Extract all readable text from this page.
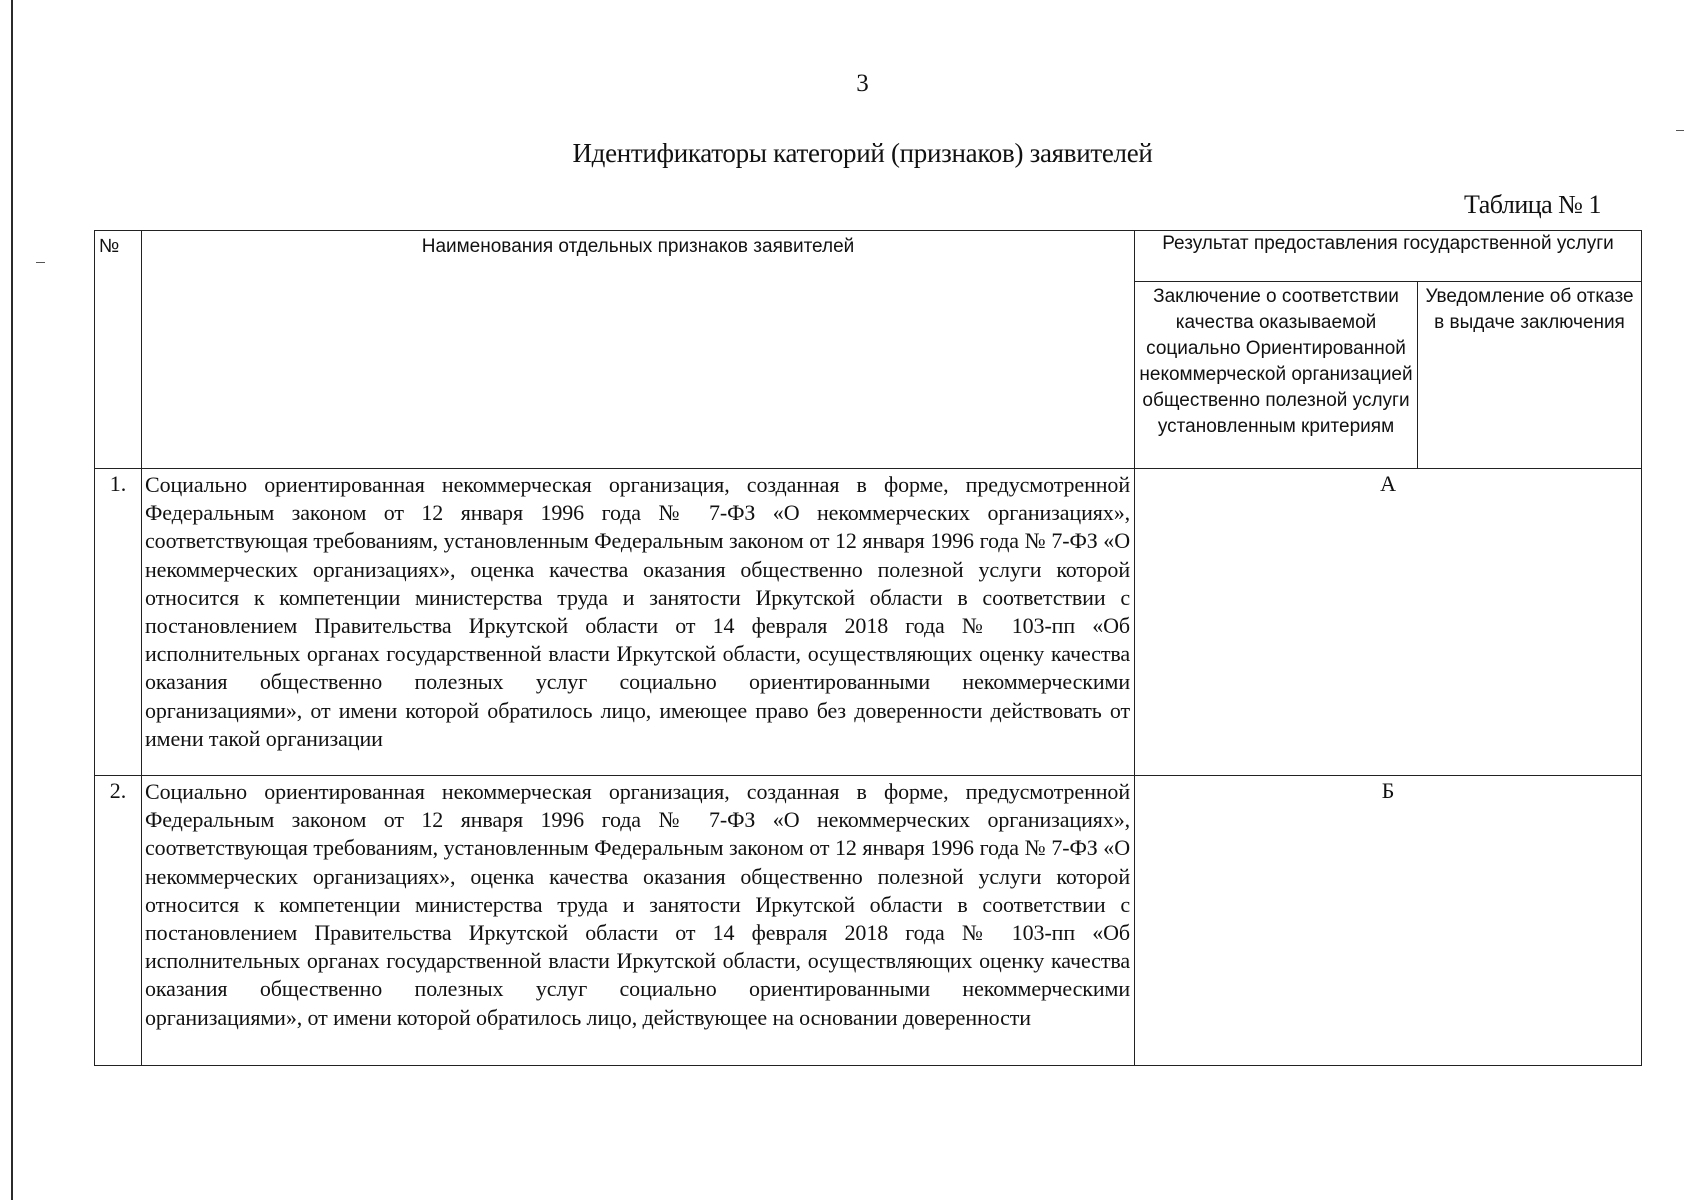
3
Идентификаторы категорий (признаков) заявителей
Таблица № 1
№	Наименования отдельных признаков заявителей	Результат предоставления государственной услуги	
		Заключение о соответствии качества оказываемой социально Ориентированной некоммерческой организацией общественно полезной услуги установленным критериям	Уведомление об отказе в выдаче заключения
1.	Социально ориентированная некоммерческая организация, созданная в форме, предусмотренной Федеральным законом от 12 января 1996 года № 7-ФЗ «О некоммерческих организациях», соответствующая требованиям, установленным Федеральным законом от 12 января 1996 года № 7-ФЗ «О некоммерческих организациях», оценка качества оказания общественно полезной услуги которой относится к компетенции министерства труда и занятости Иркутской области в соответствии с постановлением Правительства Иркутской области от 14 февраля 2018 года № 103-пп «Об исполнительных органах государственной власти Иркутской области, осуществляющих оценку качества оказания общественно полезных услуг социально ориентированными некоммерческими организациями», от имени которой обратилось лицо, имеющее право без доверенности действовать от имени такой организации	А	
2.	Социально ориентированная некоммерческая организация, созданная в форме, предусмотренной Федеральным законом от 12 января 1996 года № 7-ФЗ «О некоммерческих организациях», соответствующая требованиям, установленным Федеральным законом от 12 января 1996 года № 7-ФЗ «О некоммерческих организациях», оценка качества оказания общественно полезной услуги которой относится к компетенции министерства труда и занятости Иркутской области в соответствии с постановлением Правительства Иркутской области от 14 февраля 2018 года № 103-пп «Об исполнительных органах государственной власти Иркутской области, осуществляющих оценку качества оказания общественно полезных услуг социально ориентированными некоммерческими организациями», от имени которой обратилось лицо, действующее на основании доверенности	Б	
